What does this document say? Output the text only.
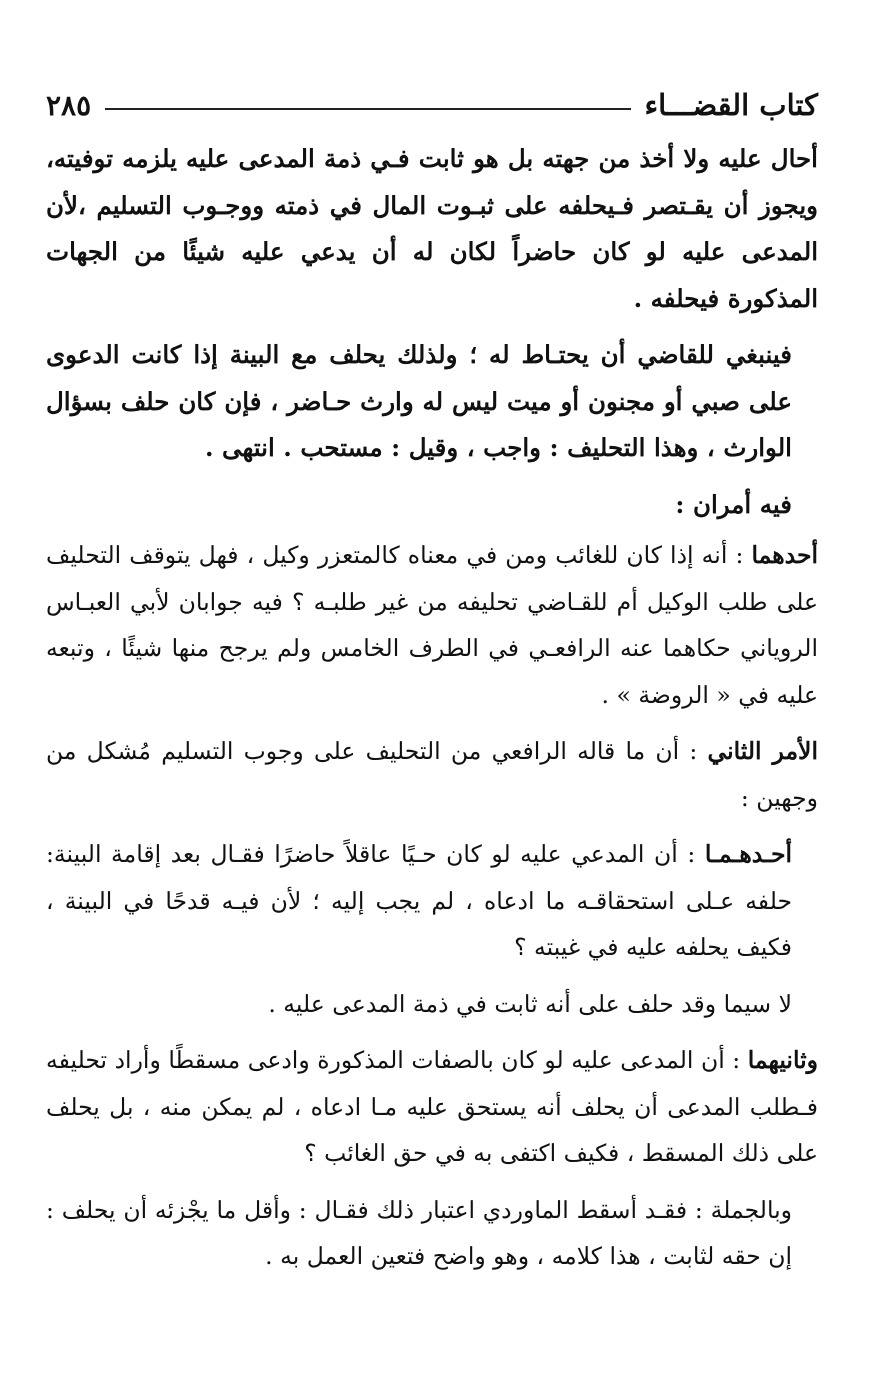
كتاب القضـــاء
٢٨٥

أحال عليه ولا أخذ من جهته بل هو ثابت فـي ذمة المدعى عليه يلزمه توفيته، ويجوز أن يقـتصر فـيحلفه على ثبـوت المال في ذمته ووجـوب التسليم ،لأن المدعى عليه لو كان حاضراً لكان له أن يدعي عليه شيئًا من الجهات المذكورة فيحلفه .

فينبغي للقاضي أن يحتـاط له ؛ ولذلك يحلف مع البينة إذا كانت الدعوى على صبي أو مجنون أو ميت ليس له وارث حـاضر ، فإن كان حلف بسؤال الوارث ، وهذا التحليف : واجب ، وقيل : مستحب . انتهى .

فيه أمران :

أحدهما : أنه إذا كان للغائب ومن في معناه كالمتعزر وكيل ، فهل يتوقف التحليف على طلب الوكيل أم للقـاضي تحليفه من غير طلبـه ؟ فيه جوابان لأبي العبـاس الروياني حكاهما عنه الرافعـي في الطرف الخامس ولم يرجح منها شيئًا ، وتبعه عليه في « الروضة » .

الأمر الثاني : أن ما قاله الرافعي من التحليف على وجوب التسليم مُشكل من وجهين :

أحـدهـمـا : أن المدعي عليه لو كان حـيًا عاقلاً حاضرًا فقـال بعد إقامة البينة: حلفه عـلى استحقاقـه ما ادعاه ، لم يجب إليه ؛ لأن فيـه قدحًا في البينة ، فكيف يحلفه عليه في غيبته ؟

لا سيما وقد حلف على أنه ثابت في ذمة المدعى عليه .

وثانيهما : أن المدعى عليه لو كان بالصفات المذكورة وادعى مسقطًا وأراد تحليفه فـطلب المدعى أن يحلف أنه يستحق عليه مـا ادعاه ، لم يمكن منه ، بل يحلف على ذلك المسقط ، فكيف اكتفى به في حق الغائب ؟

وبالجملة : فقـد أسقط الماوردي اعتبار ذلك فقـال : وأقل ما يجْزئه أن يحلف : إن حقه لثابت ، هذا كلامه ، وهو واضح فتعين العمل به .
